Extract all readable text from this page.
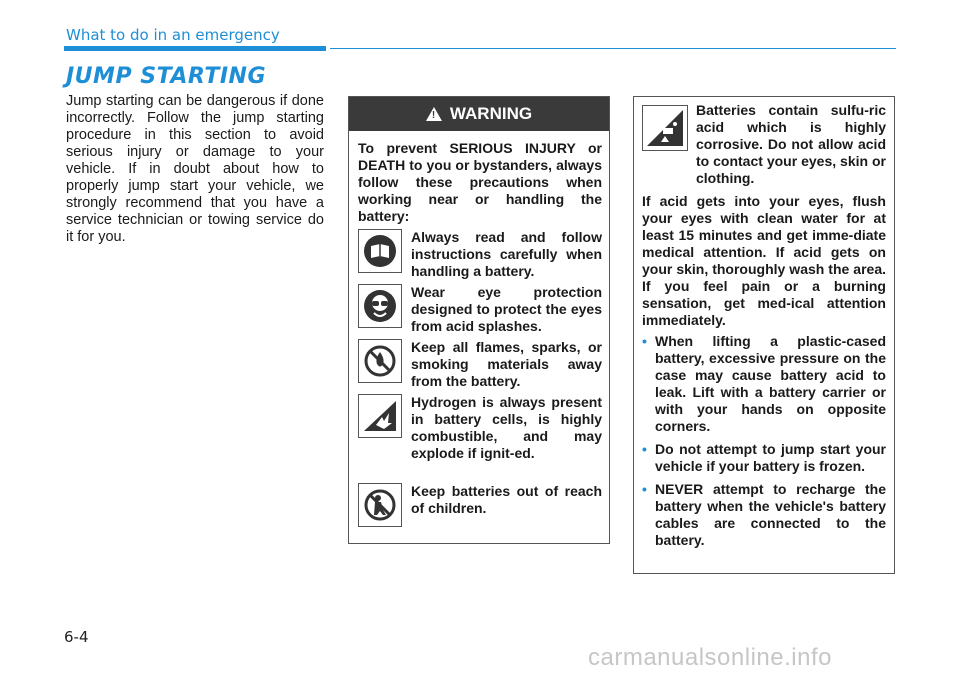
What to do in an emergency
JUMP STARTING
Jump starting can be dangerous if done incorrectly. Follow the jump starting procedure in this section to avoid serious injury or damage to your vehicle. If in doubt about how to properly jump start your vehicle, we strongly recommend that you have a service technician or towing service do it for you.
! WARNING
To prevent SERIOUS INJURY or DEATH to you or bystanders, always follow these precautions when working near or handling the battery:
Always read and follow instructions carefully when handling a battery.
Wear eye protection designed to protect the eyes from acid splashes.
Keep all flames, sparks, or smoking materials away from the battery.
Hydrogen is always present in battery cells, is highly combustible, and may explode if ignit-ed.
Keep batteries out of reach of children.
Batteries contain sulfu-ric acid which is highly corrosive. Do not allow acid to contact your eyes, skin or clothing.
If acid gets into your eyes, flush your eyes with clean water for at least 15 minutes and get imme-diate medical attention. If acid gets on your skin, thoroughly wash the area. If you feel pain or a burning sensation, get med-ical attention immediately.
• When lifting a plastic-cased battery, excessive pressure on the case may cause battery acid to leak. Lift with a battery carrier or with your hands on opposite corners.
• Do not attempt to jump start your vehicle if your battery is frozen.
• NEVER attempt to recharge the battery when the vehicle's battery cables are connected to the battery.
6-4
carmanualsonline.info
